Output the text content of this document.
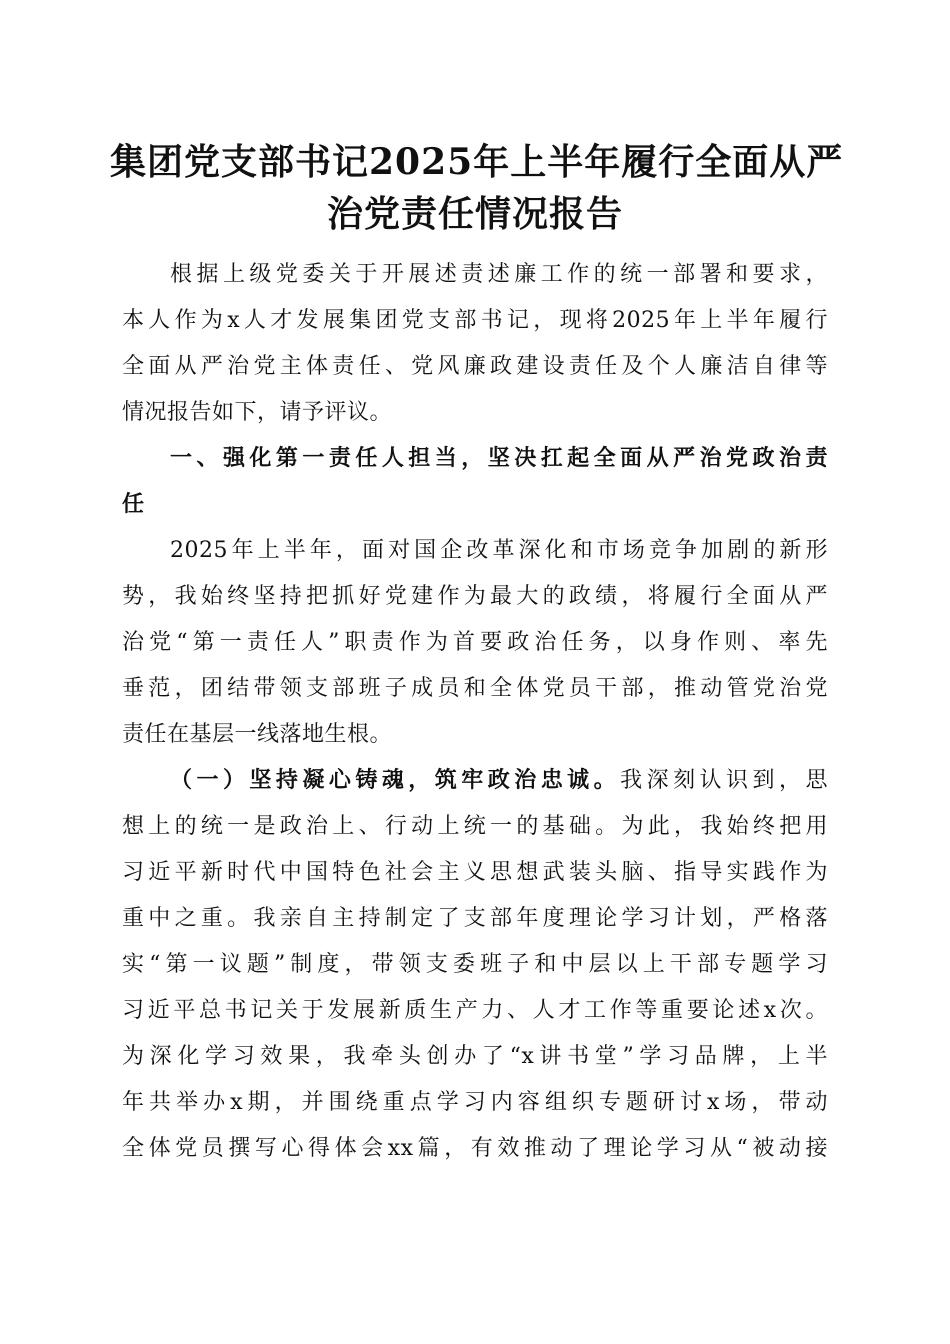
集团党支部书记2025年上半年履行全面从严
治党责任情况报告
根据上级党委关于开展述责述廉工作的统一部署和要求，
本人作为x人才发展集团党支部书记，现将2025年上半年履行
全面从严治党主体责任、党风廉政建设责任及个人廉洁自律等
情况报告如下，请予评议。
一、强化第一责任人担当，坚决扛起全面从严治党政治责
任
2025年上半年，面对国企改革深化和市场竞争加剧的新形
势，我始终坚持把抓好党建作为最大的政绩，将履行全面从严
治党“第一责任人”职责作为首要政治任务，以身作则、率先
垂范，团结带领支部班子成员和全体党员干部，推动管党治党
责任在基层一线落地生根。
（一）坚持凝心铸魂，筑牢政治忠诚。我深刻认识到，思
想上的统一是政治上、行动上统一的基础。为此，我始终把用
习近平新时代中国特色社会主义思想武装头脑、指导实践作为
重中之重。我亲自主持制定了支部年度理论学习计划，严格落
实“第一议题”制度，带领支委班子和中层以上干部专题学习
习近平总书记关于发展新质生产力、人才工作等重要论述x次。
为深化学习效果，我牵头创办了“x讲书堂”学习品牌，上半
年共举办x期，并围绕重点学习内容组织专题研讨x场，带动
全体党员撰写心得体会xx篇，有效推动了理论学习从“被动接
